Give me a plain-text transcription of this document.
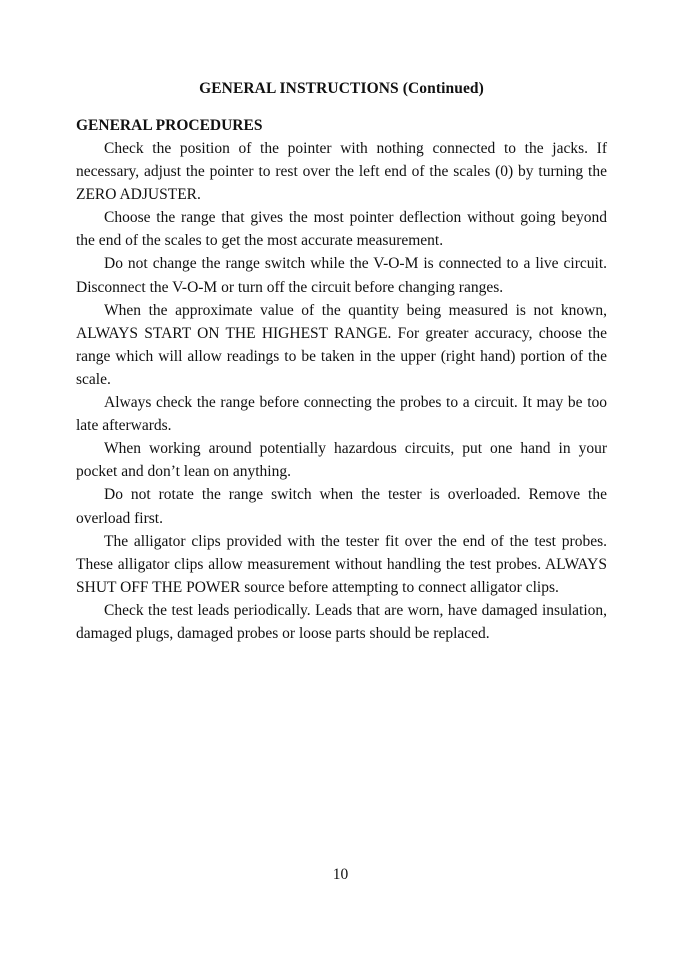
GENERAL INSTRUCTIONS (Continued)
GENERAL PROCEDURES

Check the position of the pointer with nothing connected to the jacks. If necessary, adjust the pointer to rest over the left end of the scales (0) by turning the ZERO ADJUSTER.

Choose the range that gives the most pointer deflection without going beyond the end of the scales to get the most accurate measurement.

Do not change the range switch while the V-O-M is connected to a live circuit. Disconnect the V-O-M or turn off the circuit before changing ranges.

When the approximate value of the quantity being measured is not known, ALWAYS START ON THE HIGHEST RANGE. For greater accuracy, choose the range which will allow readings to be taken in the upper (right hand) portion of the scale.

Always check the range before connecting the probes to a circuit. It may be too late afterwards.

When working around potentially hazardous circuits, put one hand in your pocket and don’t lean on anything.

Do not rotate the range switch when the tester is overloaded. Remove the overload first.

The alligator clips provided with the tester fit over the end of the test probes. These alligator clips allow measurement without handling the test probes. ALWAYS SHUT OFF THE POWER source before attempting to connect alligator clips.

Check the test leads periodically. Leads that are worn, have damaged insulation, damaged plugs, damaged probes or loose parts should be replaced.

10
